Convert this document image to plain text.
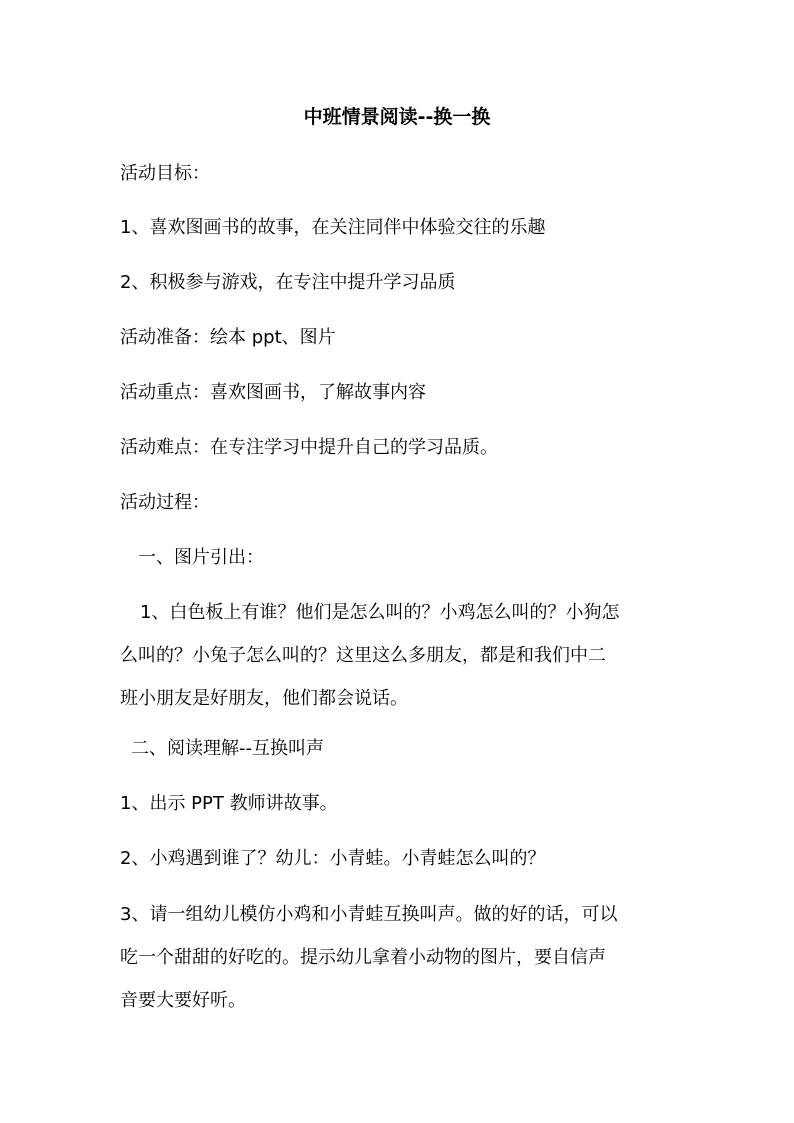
中班情景阅读--换一换
活动目标：
1、喜欢图画书的故事，在关注同伴中体验交往的乐趣
2、积极参与游戏，在专注中提升学习品质
活动准备：绘本 ppt、图片
活动重点：喜欢图画书，了解故事内容
活动难点：在专注学习中提升自己的学习品质。
活动过程：
一、图片引出：
1、白色板上有谁？他们是怎么叫的？小鸡怎么叫的？小狗怎
么叫的？小兔子怎么叫的？这里这么多朋友，都是和我们中二
班小朋友是好朋友，他们都会说话。
二、阅读理解--互换叫声
1、出示 PPT 教师讲故事。
2、小鸡遇到谁了？幼儿：小青蛙。小青蛙怎么叫的？
3、请一组幼儿模仿小鸡和小青蛙互换叫声。做的好的话，可以
吃一个甜甜的好吃的。提示幼儿拿着小动物的图片，要自信声
音要大要好听。
